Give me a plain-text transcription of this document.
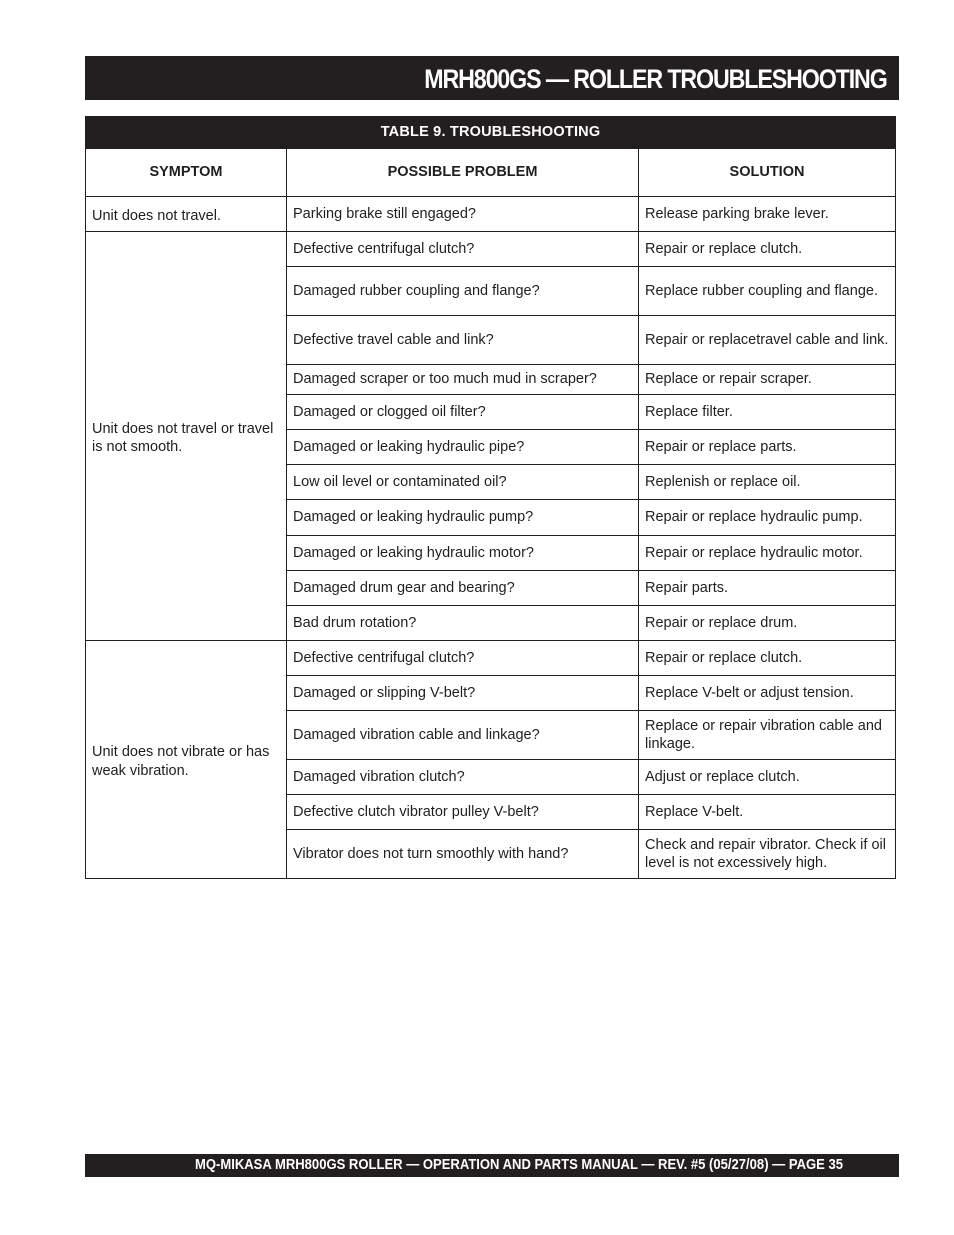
MRH800GS — ROLLER TROUBLESHOOTING
TABLE 9. TROUBLESHOOTING		
SYMPTOM	POSSIBLE PROBLEM	SOLUTION
Unit does not travel.	Parking brake still engaged?	Release parking brake lever.
Unit does not travel or travel is not smooth.	Defective centrifugal clutch?	Repair or replace clutch.
	Damaged rubber coupling and flange?	Replace rubber coupling and flange.
	Defective travel cable and link?	Repair or replacetravel cable and link.
	Damaged scraper or too much mud in scraper?	Replace or repair scraper.
	Damaged or clogged oil filter?	Replace filter.
	Damaged or leaking hydraulic pipe?	Repair or replace parts.
	Low oil level or contaminated oil?	Replenish or replace oil.
	Damaged or leaking hydraulic pump?	Repair or replace hydraulic pump.
	Damaged or leaking hydraulic motor?	Repair or replace hydraulic motor.
	Damaged drum gear and bearing?	Repair parts.
	Bad drum rotation?	Repair or replace drum.
Unit does not vibrate or has weak vibration.	Defective centrifugal clutch?	Repair or replace clutch.
	Damaged or slipping V-belt?	Replace V-belt or adjust tension.
	Damaged vibration cable and linkage?	Replace or repair vibration cable and linkage.
	Damaged vibration clutch?	Adjust or replace clutch.
	Defective clutch vibrator pulley V-belt?	Replace V-belt.
	Vibrator does not turn smoothly with hand?	Check and repair vibrator. Check if oil level is not excessively high.
MQ-MIKASA MRH800GS ROLLER — OPERATION AND PARTS MANUAL — REV. #5 (05/27/08) — PAGE 35
